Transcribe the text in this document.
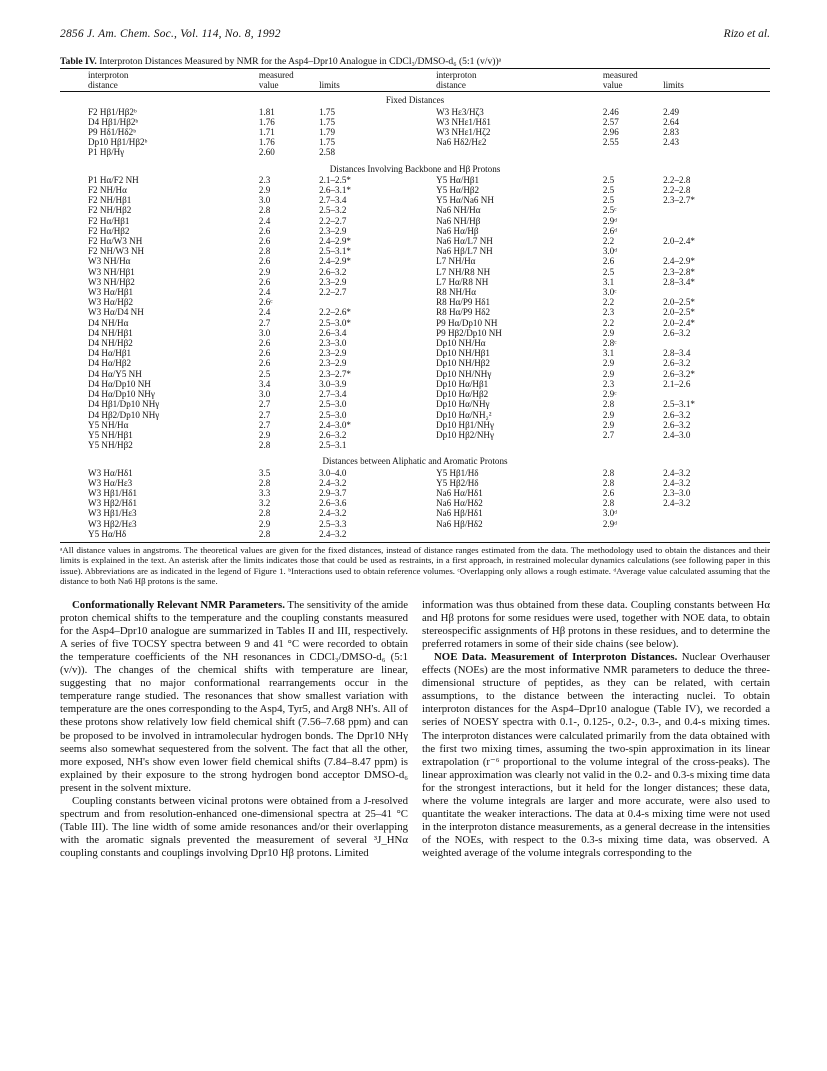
2856 J. Am. Chem. Soc., Vol. 114, No. 8, 1992	Rizo et al.
Table IV. Interproton Distances Measured by NMR for the Asp4–Dpr10 Analogue in CDCl₃/DMSO-d₆ (5:1 (v/v))ᵃ
interproton	measured		interproton	measured	
distance	value	limits	distance	value	limits
Fixed Distances					
F2 Hβ1/Hβ2ᵇ	1.81	1.75	W3 Hε3/Hζ3	2.46	2.49
D4 Hβ1/Hβ2ᵇ	1.76	1.75	W3 NHε1/Hδ1	2.57	2.64
P9 Hδ1/Hδ2ᵇ	1.71	1.79	W3 NHε1/Hζ2	2.96	2.83
Dp10 Hβ1/Hβ2ᵇ	1.76	1.75	Na6 Hδ2/Hε2	2.55	2.43
P1 Hβ/Hγ	2.60	2.58			
Distances Involving Backbone and Hβ Protons					
P1 Hα/F2 NH	2.3	2.1–2.5*	Y5 Hα/Hβ1	2.5	2.2–2.8
F2 NH/Hα	2.9	2.6–3.1*	Y5 Hα/Hβ2	2.5	2.2–2.8
F2 NH/Hβ1	3.0	2.7–3.4	Y5 Hα/Na6 NH	2.5	2.3–2.7*
F2 NH/Hβ2	2.8	2.5–3.2	Na6 NH/Hα	2.5ᶜ	
F2 Hα/Hβ1	2.4	2.2–2.7	Na6 NH/Hβ	2.9ᵈ	
F2 Hα/Hβ2	2.6	2.3–2.9	Na6 Hα/Hβ	2.6ᵈ	
F2 Hα/W3 NH	2.6	2.4–2.9*	Na6 Hα/L7 NH	2.2	2.0–2.4*
F2 NH/W3 NH	2.8	2.5–3.1*	Na6 Hβ/L7 NH	3.0ᵈ	
W3 NH/Hα	2.6	2.4–2.9*	L7 NH/Hα	2.6	2.4–2.9*
W3 NH/Hβ1	2.9	2.6–3.2	L7 NH/R8 NH	2.5	2.3–2.8*
W3 NH/Hβ2	2.6	2.3–2.9	L7 Hα/R8 NH	3.1	2.8–3.4*
W3 Hα/Hβ1	2.4	2.2–2.7	R8 NH/Hα	3.0ᶜ	
W3 Hα/Hβ2	2.6ᶜ		R8 Hα/P9 Hδ1	2.2	2.0–2.5*
W3 Hα/D4 NH	2.4	2.2–2.6*	R8 Hα/P9 Hδ2	2.3	2.0–2.5*
D4 NH/Hα	2.7	2.5–3.0*	P9 Hα/Dp10 NH	2.2	2.0–2.4*
D4 NH/Hβ1	3.0	2.6–3.4	P9 Hβ2/Dp10 NH	2.9	2.6–3.2
D4 NH/Hβ2	2.6	2.3–3.0	Dp10 NH/Hα	2.8ᶜ	
D4 Hα/Hβ1	2.6	2.3–2.9	Dp10 NH/Hβ1	3.1	2.8–3.4
D4 Hα/Hβ2	2.6	2.3–2.9	Dp10 NH/Hβ2	2.9	2.6–3.2
D4 Hα/Y5 NH	2.5	2.3–2.7*	Dp10 NH/NHγ	2.9	2.6–3.2*
D4 Hα/Dp10 NH	3.4	3.0–3.9	Dp10 Hα/Hβ1	2.3	2.1–2.6
D4 Hα/Dp10 NHγ	3.0	2.7–3.4	Dp10 Hα/Hβ2	2.9ᶜ	
D4 Hβ1/Dp10 NHγ	2.7	2.5–3.0	Dp10 Hα/NHγ	2.8	2.5–3.1*
D4 Hβ2/Dp10 NHγ	2.7	2.5–3.0	Dp10 Hα/NH₂²	2.9	2.6–3.2
Y5 NH/Hα	2.7	2.4–3.0*	Dp10 Hβ1/NHγ	2.9	2.6–3.2
Y5 NH/Hβ1	2.9	2.6–3.2	Dp10 Hβ2/NHγ	2.7	2.4–3.0
Y5 NH/Hβ2	2.8	2.5–3.1			
Distances between Aliphatic and Aromatic Protons					
W3 Hα/Hδ1	3.5	3.0–4.0	Y5 Hβ1/Hδ	2.8	2.4–3.2
W3 Hα/Hε3	2.8	2.4–3.2	Y5 Hβ2/Hδ	2.8	2.4–3.2
W3 Hβ1/Hδ1	3.3	2.9–3.7	Na6 Hα/Hδ1	2.6	2.3–3.0
W3 Hβ2/Hδ1	3.2	2.6–3.6	Na6 Hα/Hδ2	2.8	2.4–3.2
W3 Hβ1/Hε3	2.8	2.4–3.2	Na6 Hβ/Hδ1	3.0ᵈ	
W3 Hβ2/Hε3	2.9	2.5–3.3	Na6 Hβ/Hδ2	2.9ᵈ	
Y5 Hα/Hδ	2.8	2.4–3.2			
ᵃAll distance values in angstroms. The theoretical values are given for the fixed distances, instead of distance ranges estimated from the data. The methodology used to obtain the distances and their limits is explained in the text. An asterisk after the limits indicates those that could be used as restraints, in a first approach, in restrained molecular dynamics calculations (see following paper in this issue). Abbreviations are as indicated in the legend of Figure 1. ᵇInteractions used to obtain reference volumes. ᶜOverlapping only allows a rough estimate. ᵈAverage value calculated assuming that the distance to both Na6 Hβ protons is the same.

Conformationally Relevant NMR Parameters. The sensitivity of the amide proton chemical shifts to the temperature and the coupling constants measured for the Asp4–Dpr10 analogue are summarized in Tables II and III, respectively. A series of five TOCSY spectra between 9 and 41 °C were recorded to obtain the temperature coefficients of the NH resonances in CDCl₃/DMSO-d₆ (5:1 (v/v)). The changes of the chemical shifts with temperature are linear, suggesting that no major conformational rearrangements occur in the temperature range studied. The resonances that show smallest variation with temperature are the ones corresponding to the Asp4, Tyr5, and Arg8 NH's. All of these protons show relatively low field chemical shift (7.56–7.68 ppm) and can be proposed to be involved in intramolecular hydrogen bonds. The Dpr10 NHγ seems also somewhat sequestered from the solvent. The fact that all the other, more exposed, NH's show even lower field chemical shifts (7.84–8.47 ppm) is explained by their exposure to the strong hydrogen bond acceptor DMSO-d₆ present in the solvent mixture.

Coupling constants between vicinal protons were obtained from a J-resolved spectrum and from resolution-enhanced one-dimensional spectra at 25–41 °C (Table III). The line width of some amide resonances and/or their overlapping with the aromatic signals prevented the measurement of several ³J_HNα coupling constants and couplings involving Dpr10 Hβ protons. Limited

information was thus obtained from these data. Coupling constants between Hα and Hβ protons for some residues were used, together with NOE data, to obtain stereospecific assignments of Hβ protons in these residues, and to determine the preferred rotamers in some of their side chains (see below).

NOE Data. Measurement of Interproton Distances. Nuclear Overhauser effects (NOEs) are the most informative NMR parameters to deduce the three-dimensional structure of peptides, as they can be related, with certain assumptions, to the distance between the interacting nuclei. To obtain interproton distances for the Asp4–Dpr10 analogue (Table IV), we recorded a series of NOESY spectra with 0.1-, 0.125-, 0.2-, 0.3-, and 0.4-s mixing times. The interproton distances were calculated primarily from the data obtained with the first two mixing times, assuming the two-spin approximation in its linear extrapolation (r⁻⁶ proportional to the volume integral of the cross-peaks). The linear approximation was clearly not valid in the 0.2- and 0.3-s mixing time data for the strongest interactions, but it held for the longer distances; these data, where the volume integrals are larger and more accurate, were also used to quantitate the weaker interactions. The data at 0.4-s mixing time were not used in the interproton distance measurements, as a general decrease in the intensities of the NOEs, with respect to the 0.3-s mixing time data, was observed. A weighted average of the volume integrals corresponding to the
